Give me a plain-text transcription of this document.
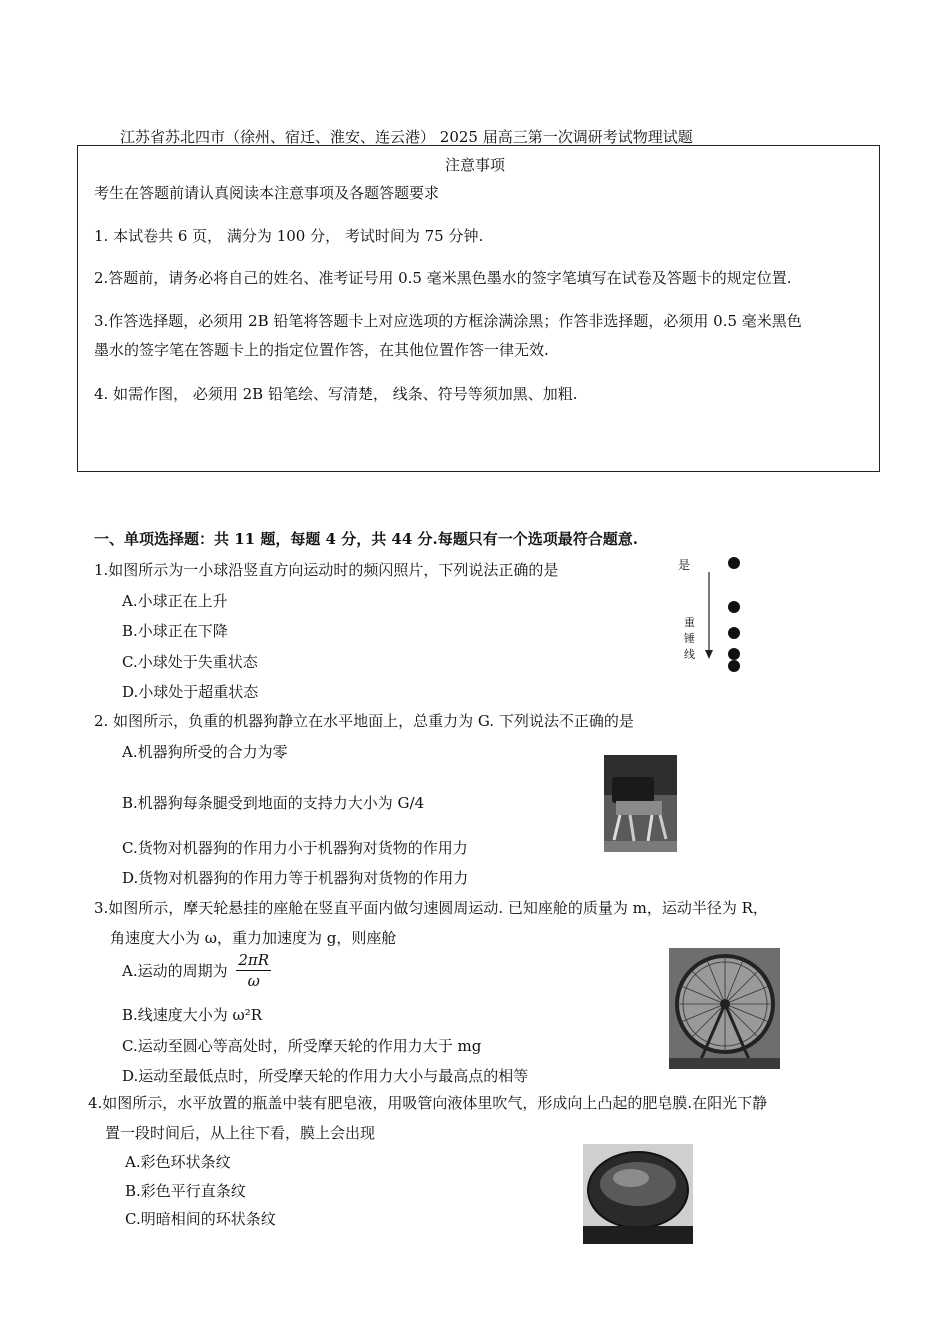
江苏省苏北四市（徐州、宿迁、淮安、连云港） 2025 届高三第一次调研考试物理试题
注意事项
考生在答题前请认真阅读本注意事项及各题答题要求
1. 本试卷共 6 页， 满分为 100 分， 考试时间为 75 分钟.
2.答题前，请务必将自己的姓名、准考证号用 0.5 毫米黑色墨水的签字笔填写在试卷及答题卡的规定位置.
3.作答选择题，必须用 2B 铅笔将答题卡上对应选项的方框涂满涂黑；作答非选择题，必须用 0.5 毫米黑色
墨水的签字笔在答题卡上的指定位置作答，在其他位置作答一律无效.
4. 如需作图， 必须用 2B 铅笔绘、写清楚， 线条、符号等须加黑、加粗.
一、单项选择题：共 11 题，每题 4 分，共 44 分.每题只有一个选项最符合题意.
1.如图所示为一小球沿竖直方向运动时的频闪照片，下列说法正确的是
A.小球正在上升
B.小球正在下降
C.小球处于失重状态
D.小球处于超重状态
是
重
锤
线
2. 如图所示，负重的机器狗静立在水平地面上，总重力为 G. 下列说法不正确的是
A.机器狗所受的合力为零
B.机器狗每条腿受到地面的支持力大小为 G/4
C.货物对机器狗的作用力小于机器狗对货物的作用力
D.货物对机器狗的作用力等于机器狗对货物的作用力
3.如图所示，摩天轮悬挂的座舱在竖直平面内做匀速圆周运动. 已知座舱的质量为 m，运动半径为 R，
角速度大小为 ω，重力加速度为 g，则座舱
A.运动的周期为 $\frac{2\pi R}{\omega}$
B.线速度大小为 ω²R
C.运动至圆心等高处时，所受摩天轮的作用力大于 mg
D.运动至最低点时，所受摩天轮的作用力大小与最高点的相等
4.如图所示，水平放置的瓶盖中装有肥皂液，用吸管向液体里吹气，形成向上凸起的肥皂膜.在阳光下静
置一段时间后，从上往下看，膜上会出现
A.彩色环状条纹
B.彩色平行直条纹
C.明暗相间的环状条纹
